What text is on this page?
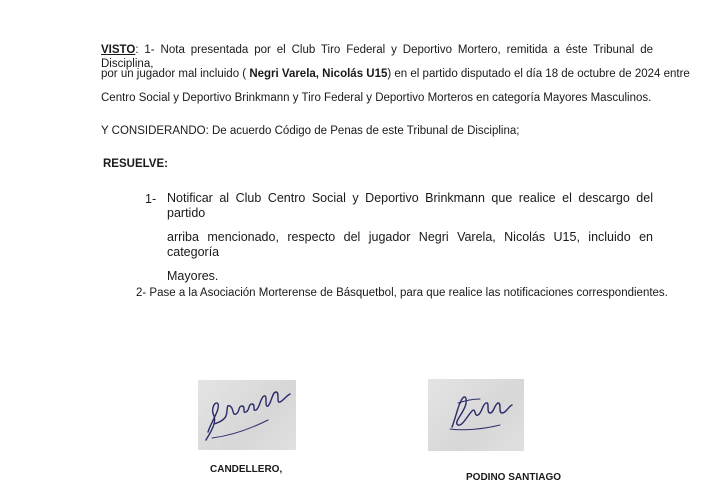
VISTO: 1- Nota presentada por el Club Tiro Federal y Deportivo Mortero, remitida a éste Tribunal de Disciplina,
por un jugador mal incluido ( Negri Varela, Nicolás U15) en el partido disputado el día 18 de octubre de 2024 entre
Centro Social y Deportivo Brinkmann y Tiro Federal y Deportivo Morteros en categoría Mayores Masculinos.
Y CONSIDERANDO: De acuerdo Código de Penas de este Tribunal de Disciplina;
RESUELVE:
1- Notificar al Club Centro Social y Deportivo Brinkmann que realice el descargo del partido
arriba mencionado, respecto del jugador Negri Varela, Nicolás U15, incluido en categoría
Mayores.
2- Pase a la Asociación Morterense de Básquetbol, para que realice las notificaciones correspondientes.
CANDELLERO,
PODINO SANTIAGO
